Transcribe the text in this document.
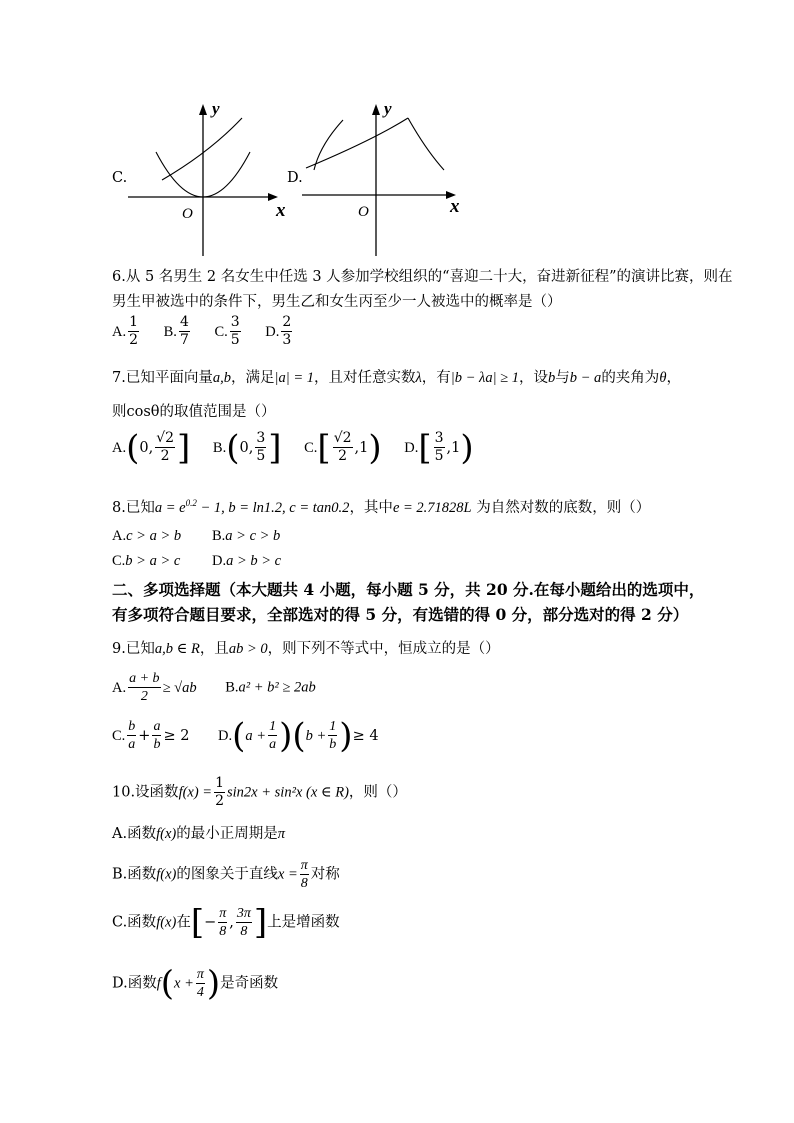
C.
y
x
O
D.
y
x
O
6.从 5 名男生 2 名女生中任选 3 人参加学校组织的“喜迎二十大，奋进新征程”的演讲比赛，则在
男生甲被选中的条件下，男生乙和女生丙至少一人被选中的概率是（）
A. $\frac{1}{2} B$. $\frac{4}{7} C$. $\frac{3}{5} D$. $\frac{2}{3}$
7.已知平面向量a,b，满足|a| = 1，且对任意实数λ，有|b − λa| ≥ 1，设b与b − a的夹角为θ，
则cosθ的取值范围是（）
A.(0, $\frac{√2}{2}$ ] B.(0, $\frac{3}{5}$ ] $C.[ \frac{√2}{2} ,1)$ $D.[ \frac{3}{5} ,1)$
8.已知$a = e^{0.2} - 1$, b = ln1.2, c = tan0.2，其中e = 2.71828L 为自然对数的底数，则（）
A.c > a > b B.a > c > b
C.b > a > c D.a > b > c
二、多项选择题（本大题共 4 小题，每小题 5 分，共 20 分.在每小题给出的选项中，
有多项符合题目要求，全部选对的得 5 分，有选错的得 0 分，部分选对的得 2 分）
9.已知a,b ∈ R，且ab > 0，则下列不等式中，恒成立的是（）
A. $\frac{a + b}{2} \ge √ab$ B.a² + b² ≥ 2ab
C. $\frac{b}{a} + \frac{a}{b} \ge 2$ $D.(a + \frac{1}{a} )(b + \frac{1}{b}$ )≥ 4
10.设函数$f(x) = \frac{1}{2} \sin 2x + \sin^2x$ (x ∈ R)，则（）
A.函数f(x)的最小正周期是π
B.函数f(x)的图象关于直线$x = \frac{\pi}{8}$ 对称
C.函数f(x)在[− $\frac{\pi}{8}$ , $\frac{3\pi}{8}$ ]上是增函数
D.函数$f(x + \frac{\pi}{4}$ )是奇函数
